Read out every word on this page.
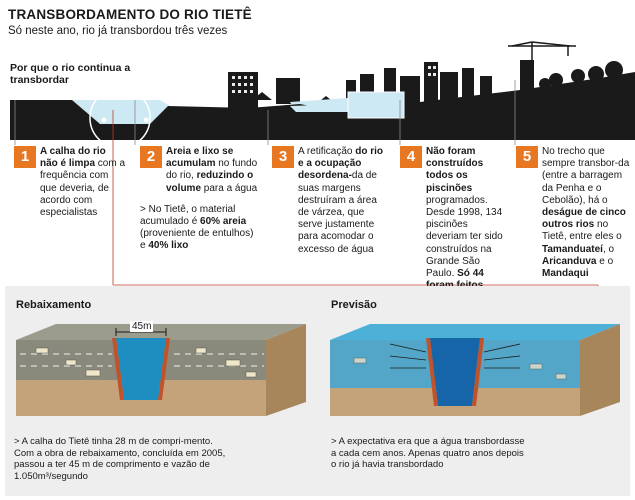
TRANSBORDAMENTO DO RIO TIETÊ
Só neste ano, rio já transbordou três vezes
Por que o rio continua a transbordar
1	A calha do rio não é limpa com a frequência com que deveria, de acordo com especialistas
2	Areia e lixo se acumulam no fundo do rio, reduzindo o volume para a água
> No Tietê, o material acumulado é 60% areia (proveniente de entulhos) e 40% lixo
3	A retificação do rio e a ocupação desordena-da de suas margens destruíram a área de várzea, que serve justamente para acomodar o excesso de água
4	Não foram construídos todos os piscinões programados. Desde 1998, 134 piscinões deveriam ter sido construídos na Grande São Paulo. Só 44
5	No trecho que sempre transbor-da (entre a barragem da Penha e o Cebolão), há o deságue de cinco outros rios no Tietê, entre eles o Tamanduateí, o Aricanduva e o Mandaqui
Rebaixamento	Previsão
45m
> A calha do Tietê tinha 28 m de compri-mento. Com a obra de rebaixamento, concluída em 2005, passou a ter 45 m de comprimento e vazão de 1.050m³/segundo
> A expectativa era que a água transbordasse a cada cem anos. Apenas quatro anos depois o rio já havia transbordado
